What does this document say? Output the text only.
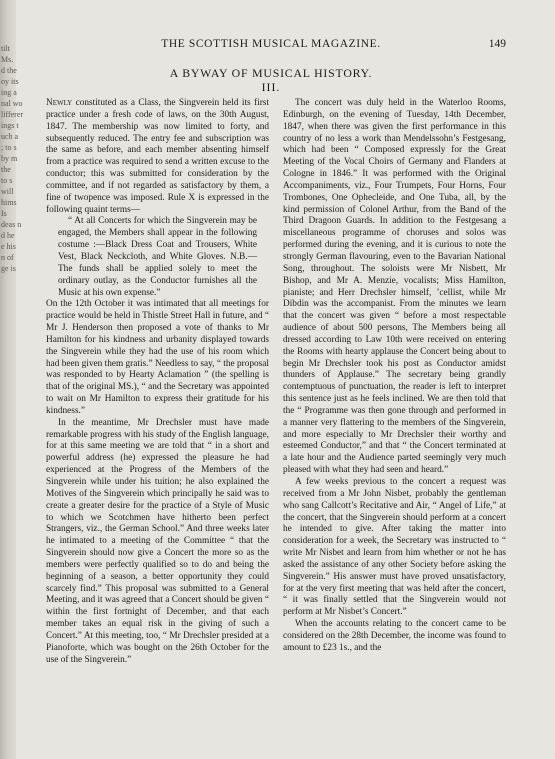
tilt
Ms.
d the
oy its
ing a
nal wo
lifferer
ings t
uch a
; to s
by m
the
to s
will
hims
Is
deas n
d he
e his
n of
ge is
THE SCOTTISH MUSICAL MAGAZINE.	149
A BYWAY OF MUSICAL HISTORY.
III.

Newly constituted as a Class, the Singverein held its first practice under a fresh code of laws, on the 30th August, 1847. The membership was now limited to forty, and subsequently reduced. The entry fee and subscription was the same as before, and each member absenting himself from a practice was required to send a written excuse to the conductor; this was submitted for consideration by the committee, and if not regarded as satisfactory by them, a fine of twopence was imposed. Rule X is expressed in the following quaint terms—

“ At all Concerts for which the Singverein may be engaged, the Members shall appear in the following costume :—Black Dress Coat and Trousers, White Vest, Black Neckcloth, and White Gloves. N.B.—The funds shall be applied solely to meet the ordinary outlay, as the Conductor furnishes all the Music at his own expense.”

On the 12th October it was intimated that all meetings for practice would be held in Thistle Street Hall in future, and “ Mr J. Henderson then proposed a vote of thanks to Mr Hamilton for his kindness and urbanity displayed towards the Singverein while they had the use of his room which had been given them gratis.” Needless to say, “ the proposal was responded to by Hearty Aclamation ” (the spelling is that of the original MS.), “ and the Secretary was appointed to wait on Mr Hamilton to express their gratitude for his kindness.”

In the meantime, Mr Drechsler must have made remarkable progress with his study of the English language, for at this same meeting we are told that “ in a short and powerful address (he) expressed the pleasure he had experienced at the Progress of the Members of the Singverein while under his tuition; he also explained the Motives of the Singverein which principally he said was to create a greater desire for the practice of a Style of Music to which we Scotchmen have hitherto been perfect Strangers, viz., the German School.” And three weeks later he intimated to a meeting of the Committee “ that the Singverein should now give a Concert the more so as the members were perfectly qualified so to do and being the beginning of a season, a better opportunity they could scarcely find.” This proposal was submitted to a General Meeting, and it was agreed that a Concert should be given “ within the first fortnight of December, and that each member takes an equal risk in the giving of such a Concert.” At this meeting, too, “ Mr Drechsler presided at a Pianoforte, which was bought on the 26th October for the use of the Singverein.”

The concert was duly held in the Waterloo Rooms, Edinburgh, on the evening of Tuesday, 14th December, 1847, when there was given the first performance in this country of no less a work than Mendelssohn’s Festgesang, which had been “ Composed expressly for the Great Meeting of the Vocal Choirs of Germany and Flanders at Cologne in 1846.” It was performed with the Original Accompaniments, viz., Four Trumpets, Four Horns, Four Trombones, One Ophecleide, and One Tuba, all, by the kind permission of Colonel Arthur, from the Band of the Third Dragoon Guards. In addition to the Festgesang a miscellaneous programme of choruses and solos was performed during the evening, and it is curious to note the strongly German flavouring, even to the Bavarian National Song, throughout. The soloists were Mr Nisbett, Mr Bishop, and Mr A. Menzie, vocalists; Miss Hamilton, pianiste; and Herr Drechsler himself, ’cellist, while Mr Dibdin was the accompanist. From the minutes we learn that the concert was given “ before a most respectable audience of about 500 persons, The Members being all dressed according to Law 10th were received on entering the Rooms with hearty applause the Concert being about to begin Mr Drechsler took his post as Conductor amidst thunders of Applause.” The secretary being grandly contemptuous of punctuation, the reader is left to interpret this sentence just as he feels inclined. We are then told that the “ Programme was then gone through and performed in a manner very flattering to the members of the Singverein, and more especially to Mr Drechsler their worthy and esteemed Conductor,” and that “ the Concert terminated at a late hour and the Audience parted seemingly very much pleased with what they had seen and heard.”

A few weeks previous to the concert a request was received from a Mr John Nisbet, probably the gentleman who sang Callcott’s Recitative and Air, “ Angel of Life,” at the concert, that the Singverein should perform at a concert he intended to give. After taking the matter into consideration for a week, the Secretary was instructed to “ write Mr Nisbet and learn from him whether or not he has asked the assistance of any other Society before asking the Singverein.” His answer must have proved unsatisfactory, for at the very first meeting that was held after the concert, “ it was finally settled that the Singverein would not perform at Mr Nisbet’s Concert.”

When the accounts relating to the concert came to be considered on the 28th December, the income was found to amount to £23 1s., and the
